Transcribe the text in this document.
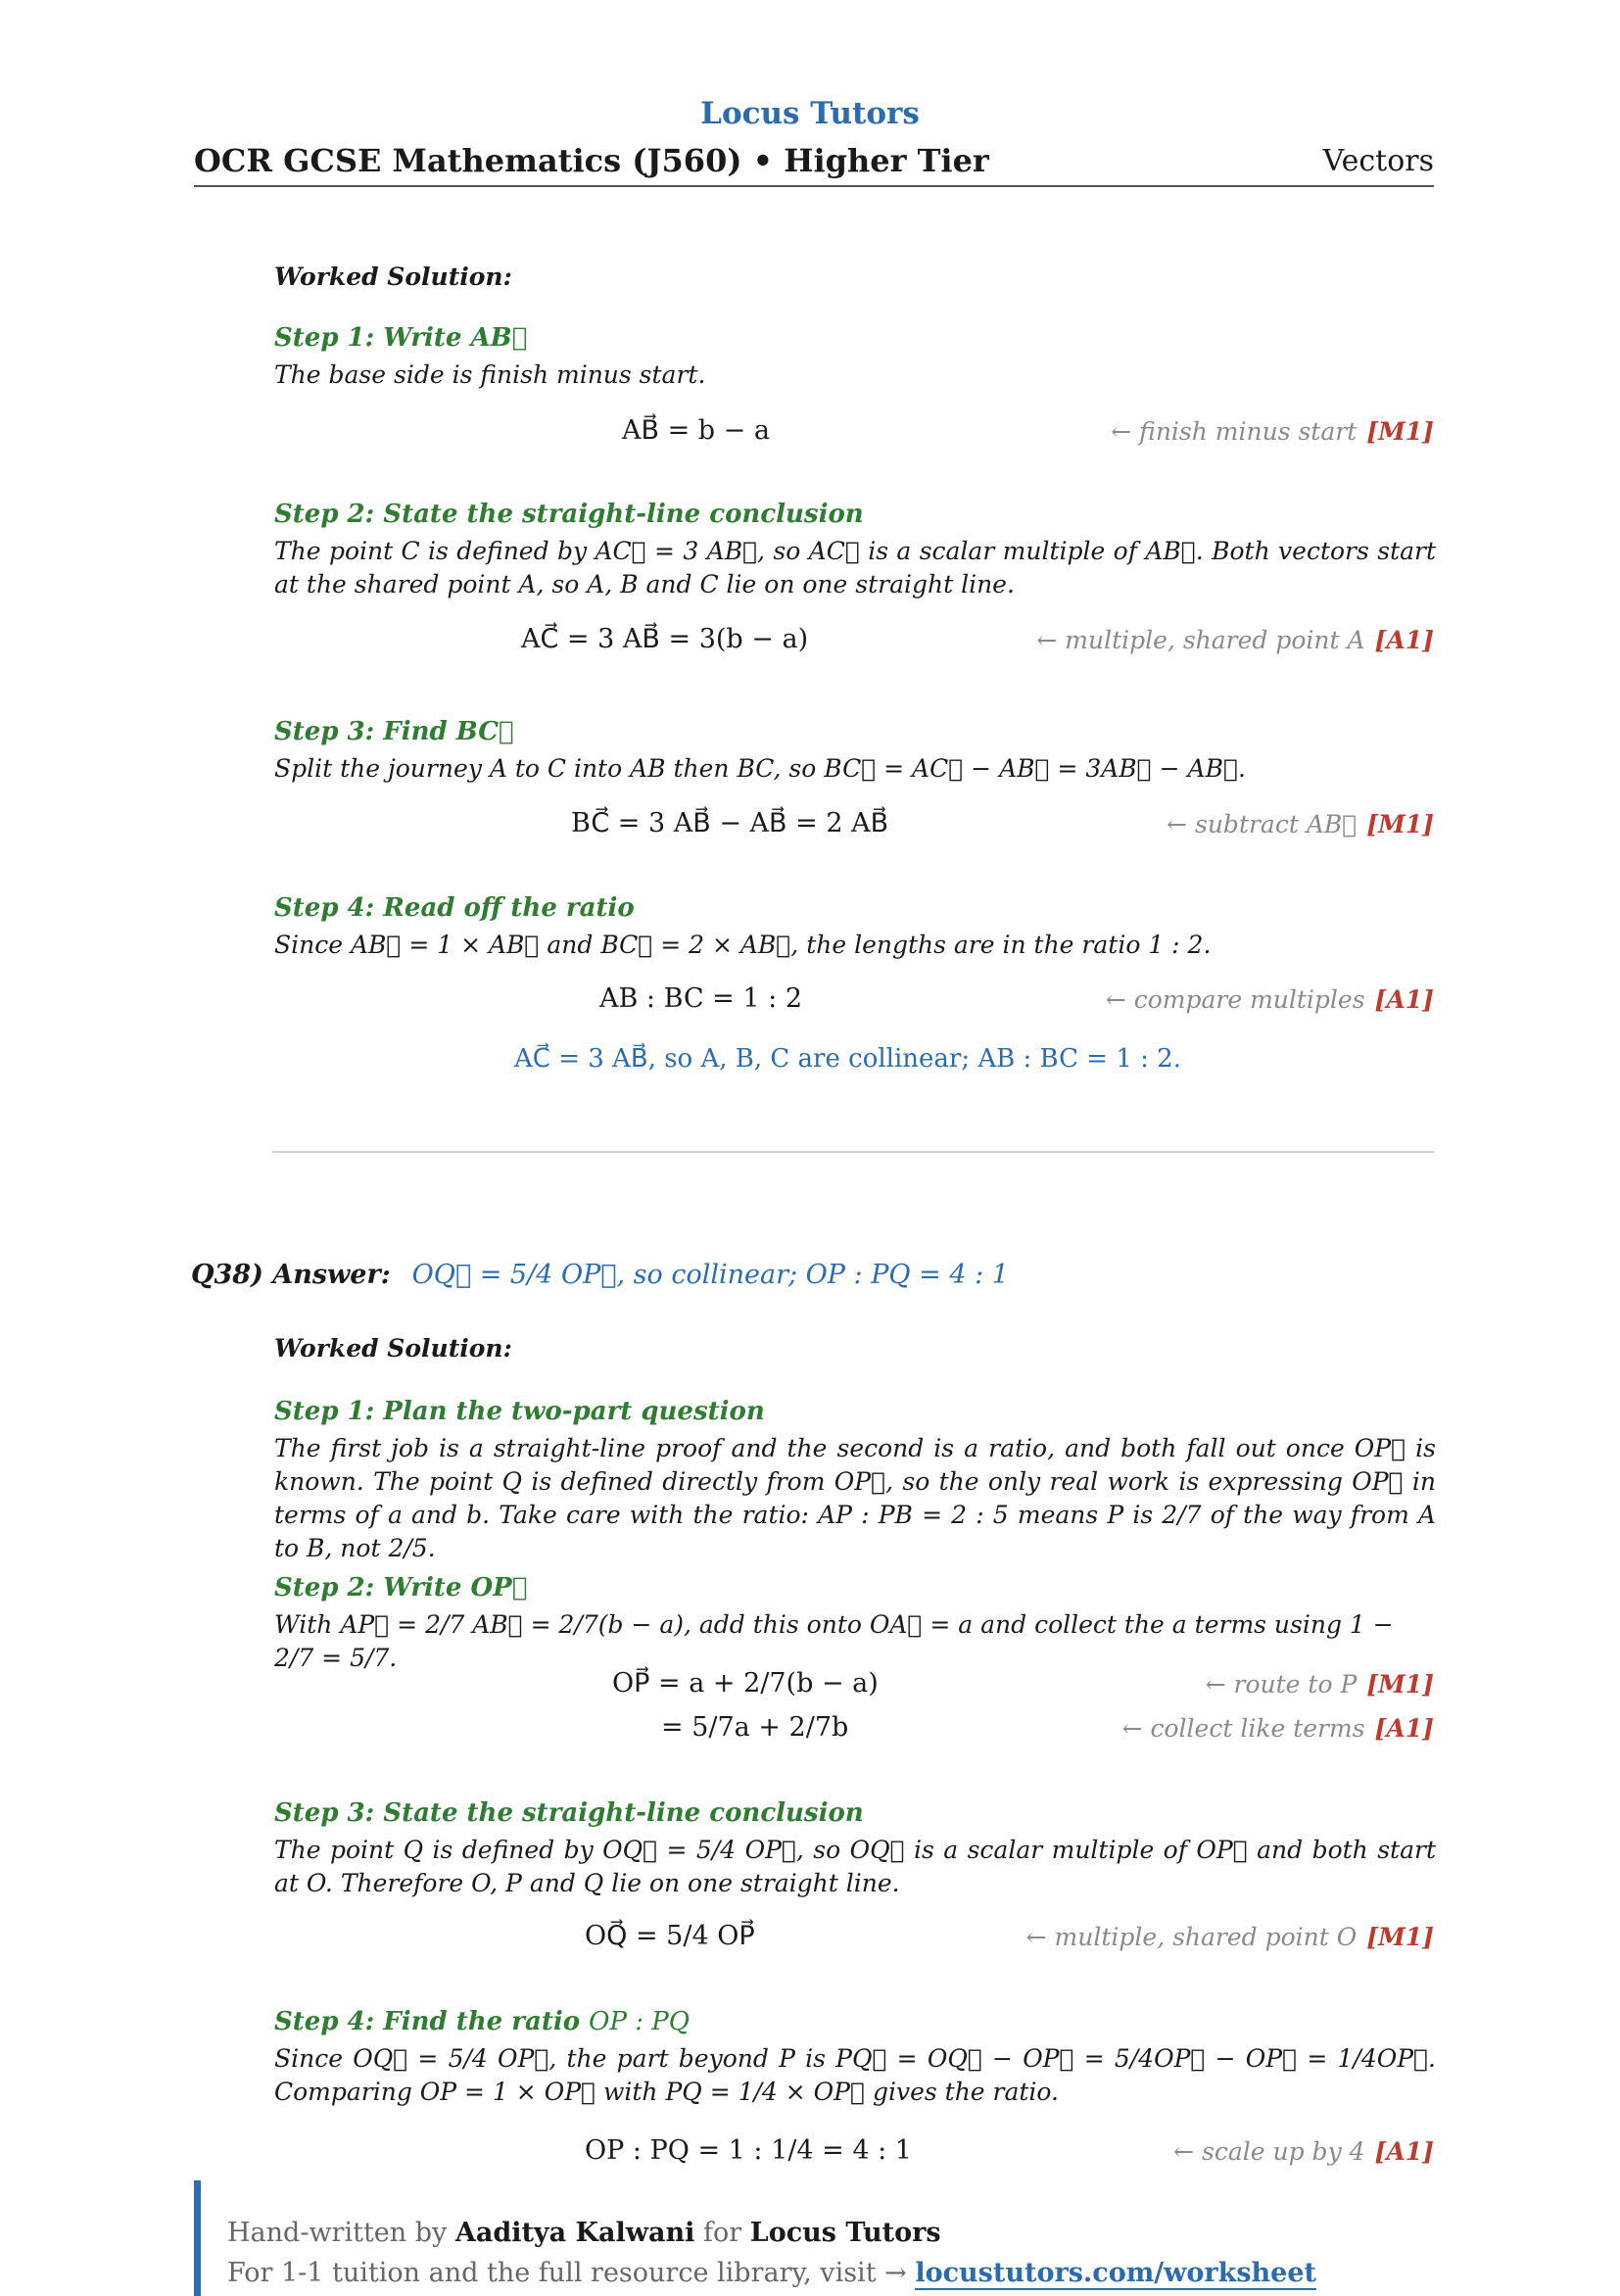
Locus Tutors
OCR GCSE Mathematics (J560) • Higher Tier	Vectors
Worked Solution:
Step 1: Write AB⃗
The base side is finish minus start.
AB⃗ = b − a	← finish minus start [M1]
Step 2: State the straight-line conclusion
The point C is defined by AC⃗ = 3 AB⃗, so AC⃗ is a scalar multiple of AB⃗. Both vectors start at the shared point A, so A, B and C lie on one straight line.
AC⃗ = 3 AB⃗ = 3(b − a)	← multiple, shared point A [A1]
Step 3: Find BC⃗
Split the journey A to C into AB then BC, so BC⃗ = AC⃗ − AB⃗ = 3AB⃗ − AB⃗.
BC⃗ = 3 AB⃗ − AB⃗ = 2 AB⃗	← subtract AB⃗ [M1]
Step 4: Read off the ratio
Since AB⃗ = 1 × AB⃗ and BC⃗ = 2 × AB⃗, the lengths are in the ratio 1 : 2.
AB : BC = 1 : 2	← compare multiples [A1]
AC⃗ = 3 AB⃗, so A, B, C are collinear; AB : BC = 1 : 2.
Q38) Answer: OQ⃗ = 5/4 OP⃗, so collinear; OP : PQ = 4 : 1
Worked Solution:
Step 1: Plan the two-part question
The first job is a straight-line proof and the second is a ratio, and both fall out once OP⃗ is known. The point Q is defined directly from OP⃗, so the only real work is expressing OP⃗ in terms of a and b. Take care with the ratio: AP : PB = 2 : 5 means P is 2/7 of the way from A to B, not 2/5.
Step 2: Write OP⃗
With AP⃗ = 2/7 AB⃗ = 2/7(b − a), add this onto OA⃗ = a and collect the a terms using 1 − 2/7 = 5/7.
OP⃗ = a + 2/7(b − a)	← route to P [M1]
= 5/7a + 2/7b	← collect like terms [A1]
Step 3: State the straight-line conclusion
The point Q is defined by OQ⃗ = 5/4 OP⃗, so OQ⃗ is a scalar multiple of OP⃗ and both start at O. Therefore O, P and Q lie on one straight line.
OQ⃗ = 5/4 OP⃗	← multiple, shared point O [M1]
Step 4: Find the ratio OP : PQ
Since OQ⃗ = 5/4 OP⃗, the part beyond P is PQ⃗ = OQ⃗ − OP⃗ = 5/4OP⃗ − OP⃗ = 1/4OP⃗. Comparing OP = 1 × OP⃗ with PQ = 1/4 × OP⃗ gives the ratio.
OP : PQ = 1 : 1/4 = 4 : 1	← scale up by 4 [A1]
Hand-written by Aaditya Kalwani for Locus Tutors
For 1-1 tuition and the full resource library, visit → locustutors.com/worksheet
